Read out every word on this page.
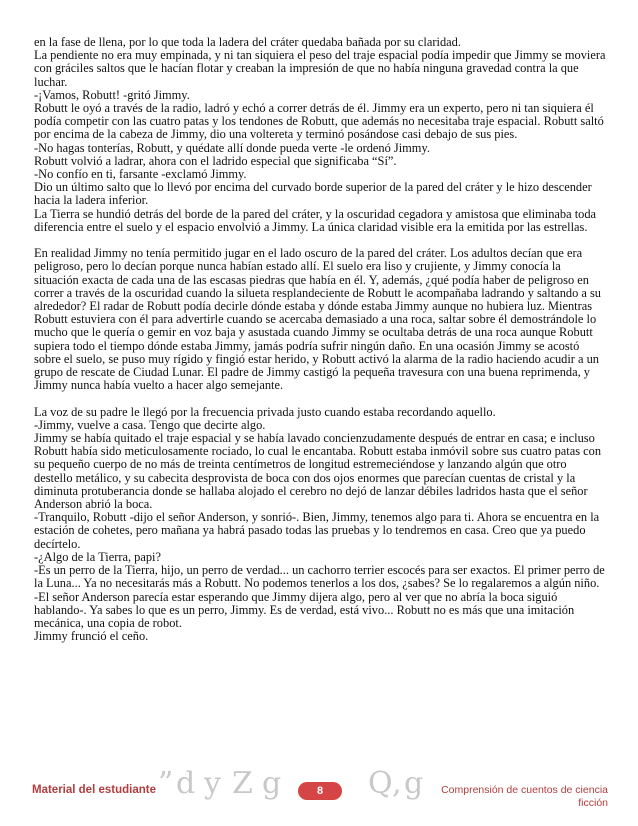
en la fase de llena, por lo que toda la ladera del cráter quedaba bañada por su claridad.

La pendiente no era muy empinada, y ni tan siquiera el peso del traje espacial podía impedir que Jimmy se moviera con gráciles saltos que le hacían flotar y creaban la impresión de que no había ninguna gravedad contra la que luchar.

-¡Vamos, Robutt! -gritó Jimmy.

Robutt le oyó a través de la radio, ladró y echó a correr detrás de él. Jimmy era un experto, pero ni tan siquiera él podía competir con las cuatro patas y los tendones de Robutt, que además no necesitaba traje espacial. Robutt saltó por encima de la cabeza de Jimmy, dio una voltereta y terminó posándose casi debajo de sus pies.

-No hagas tonterías, Robutt, y quédate allí donde pueda verte -le ordenó Jimmy.

Robutt volvió a ladrar, ahora con el ladrido especial que significaba “Sí”.

-No confío en ti, farsante -exclamó Jimmy.

Dio un último salto que lo llevó por encima del curvado borde superior de la pared del cráter y le hizo descender hacia la ladera inferior.

La Tierra se hundió detrás del borde de la pared del cráter, y la oscuridad cegadora y amistosa que eliminaba toda diferencia entre el suelo y el espacio envolvió a Jimmy. La única claridad visible era la emitida por las estrellas.

En realidad Jimmy no tenía permitido jugar en el lado oscuro de la pared del cráter. Los adultos decían que era peligroso, pero lo decían porque nunca habían estado allí. El suelo era liso y crujiente, y Jimmy conocía la situación exacta de cada una de las escasas piedras que había en él. Y, además, ¿qué podía haber de peligroso en correr a través de la oscuridad cuando la silueta resplandeciente de Robutt le acompañaba ladrando y saltando a su alrededor? El radar de Robutt podía decirle dónde estaba y dónde estaba Jimmy aunque no hubiera luz. Mientras Robutt estuviera con él para advertirle cuando se acercaba demasiado a una roca, saltar sobre él demostrándole lo mucho que le quería o gemir en voz baja y asustada cuando Jimmy se ocultaba detrás de una roca aunque Robutt supiera todo el tiempo dónde estaba Jimmy, jamás podría sufrir ningún daño. En una ocasión Jimmy se acostó sobre el suelo, se puso muy rígido y fingió estar herido, y Robutt activó la alarma de la radio haciendo acudir a un grupo de rescate de Ciudad Lunar. El padre de Jimmy castigó la pequeña travesura con una buena reprimenda, y Jimmy nunca había vuelto a hacer algo semejante.

La voz de su padre le llegó por la frecuencia privada justo cuando estaba recordando aquello.

-Jimmy, vuelve a casa. Tengo que decirte algo.

Jimmy se había quitado el traje espacial y se había lavado concienzudamente después de entrar en casa; e incluso Robutt había sido meticulosamente rociado, lo cual le encantaba. Robutt estaba inmóvil sobre sus cuatro patas con su pequeño cuerpo de no más de treinta centímetros de longitud estremeciéndose y lanzando algún que otro destello metálico, y su cabecita desprovista de boca con dos ojos enormes que parecían cuentas de cristal y la diminuta protuberancia donde se hallaba alojado el cerebro no dejó de lanzar débiles ladridos hasta que el señor Anderson abrió la boca.

-Tranquilo, Robutt -dijo el señor Anderson, y sonrió-. Bien, Jimmy, tenemos algo para ti. Ahora se encuentra en la estación de cohetes, pero mañana ya habrá pasado todas las pruebas y lo tendremos en casa. Creo que ya puedo decírtelo.

-¿Algo de la Tierra, papi?

-Es un perro de la Tierra, hijo, un perro de verdad... un cachorro terrier escocés para ser exactos. El primer perro de la Luna... Ya no necesitarás más a Robutt. No podemos tenerlos a los dos, ¿sabes? Se lo regalaremos a algún niño.

-El señor Anderson parecía estar esperando que Jimmy dijera algo, pero al ver que no abría la boca siguió hablando-. Ya sabes lo que es un perro, Jimmy. Es de verdad, está vivo... Robutt no es más que una imitación mecánica, una copia de robot.

Jimmy frunció el ceño.

Material del estudiante ” d y Z g	8	Q , g Comprensión de cuentos de ciencia ficción
